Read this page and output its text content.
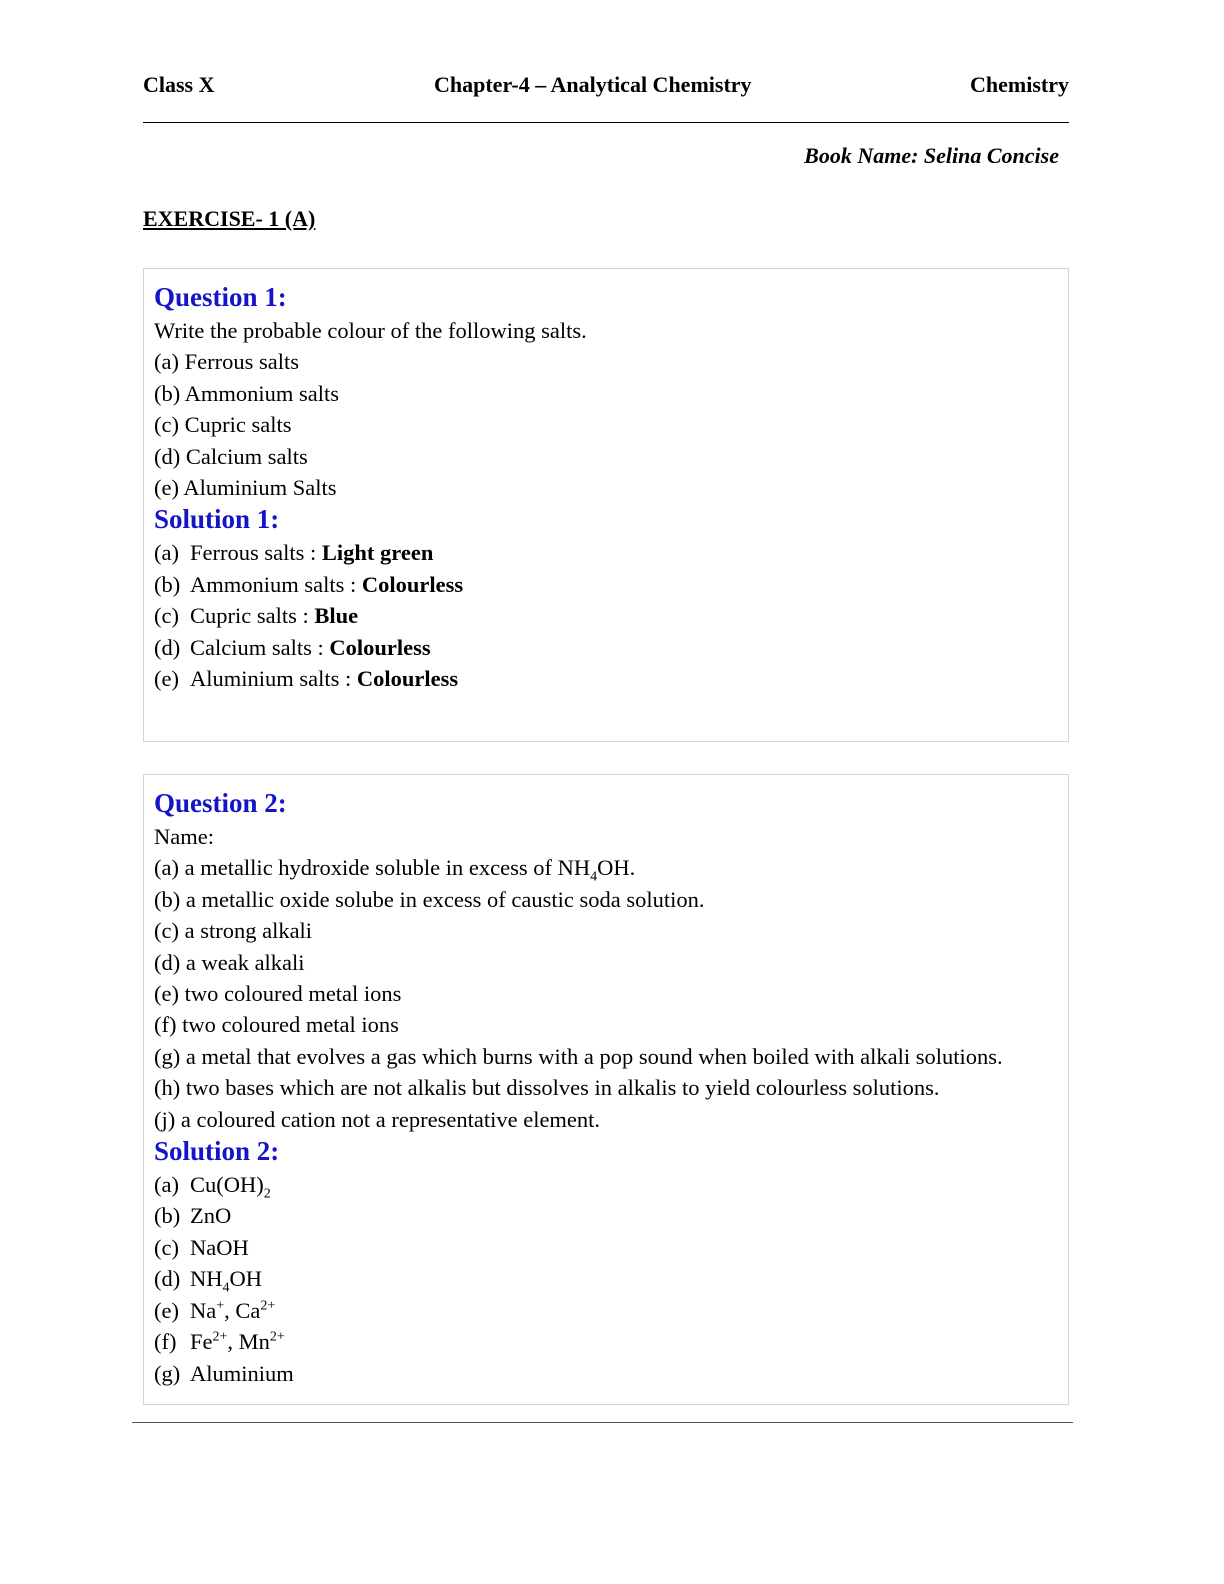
Class X	Chapter-4 – Analytical Chemistry	Chemistry
Book Name: Selina Concise
EXERCISE- 1 (A)
Question 1:
Write the probable colour of the following salts.
(a) Ferrous salts
(b) Ammonium salts
(c) Cupric salts
(d) Calcium salts
(e) Aluminium Salts
Solution 1:
(a) Ferrous salts : Light green
(b) Ammonium salts : Colourless
(c) Cupric salts : Blue
(d) Calcium salts : Colourless
(e) Aluminium salts : Colourless
Question 2:
Name:
(a) a metallic hydroxide soluble in excess of $NH_4OH$.
(b) a metallic oxide solube in excess of caustic soda solution.
(c) a strong alkali
(d) a weak alkali
(e) two coloured metal ions
(f) two coloured metal ions
(g) a metal that evolves a gas which burns with a pop sound when boiled with alkali solutions.
(h) two bases which are not alkalis but dissolves in alkalis to yield colourless solutions.
(j) a coloured cation not a representative element.
Solution 2:
(a) $Cu(OH)_2$
(b) ZnO
(c) NaOH
(d) $NH_4OH$
(e) Na+, $Ca^{2+}$
(f) $Fe^{2+}$, $Mn^{2+}$
(g) Aluminium
